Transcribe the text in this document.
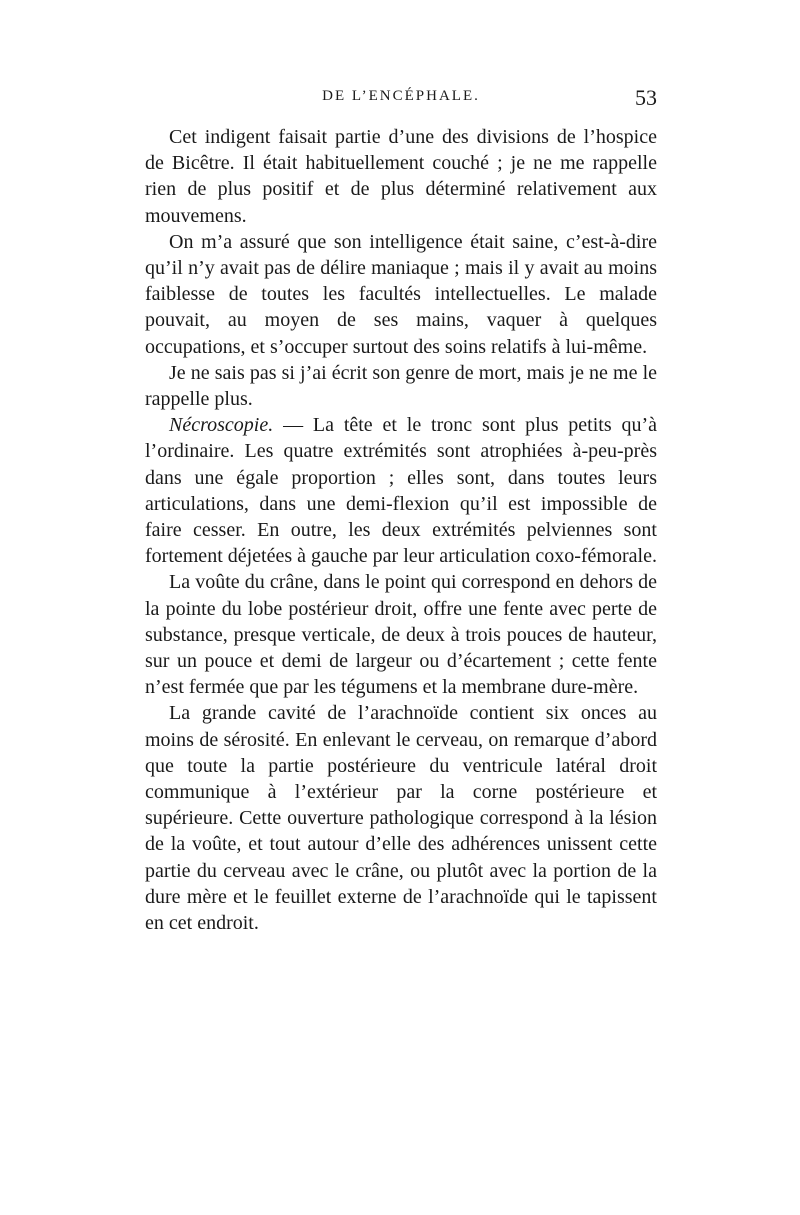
DE L’ENCÉPHALE.	53

Cet indigent faisait partie d’une des divisions de l’hospice de Bicêtre. Il était habituellement couché ; je ne me rappelle rien de plus positif et de plus déterminé relativement aux mouvemens.

On m’a assuré que son intelligence était saine, c’est-à-dire qu’il n’y avait pas de délire maniaque ; mais il y avait au moins faiblesse de toutes les facultés intellectuelles. Le malade pouvait, au moyen de ses mains, vaquer à quelques occupations, et s’occuper surtout des soins relatifs à lui-même.

Je ne sais pas si j’ai écrit son genre de mort, mais je ne me le rappelle plus.

Nécroscopie. — La tête et le tronc sont plus petits qu’à l’ordinaire. Les quatre extrémités sont atrophiées à-peu-près dans une égale proportion ; elles sont, dans toutes leurs articulations, dans une demi-flexion qu’il est impossible de faire cesser. En outre, les deux extrémités pelviennes sont fortement déjetées à gauche par leur articulation coxo-fémorale.

La voûte du crâne, dans le point qui correspond en dehors de la pointe du lobe postérieur droit, offre une fente avec perte de substance, presque verticale, de deux à trois pouces de hauteur, sur un pouce et demi de largeur ou d’écartement ; cette fente n’est fermée que par les tégumens et la membrane dure-mère.

La grande cavité de l’arachnoïde contient six onces au moins de sérosité. En enlevant le cerveau, on remarque d’abord que toute la partie postérieure du ventricule latéral droit communique à l’extérieur par la corne postérieure et supérieure. Cette ouverture pathologique correspond à la lésion de la voûte, et tout autour d’elle des adhérences unissent cette partie du cerveau avec le crâne, ou plutôt avec la portion de la dure mère et le feuillet externe de l’arachnoïde qui le tapissent en cet endroit.
